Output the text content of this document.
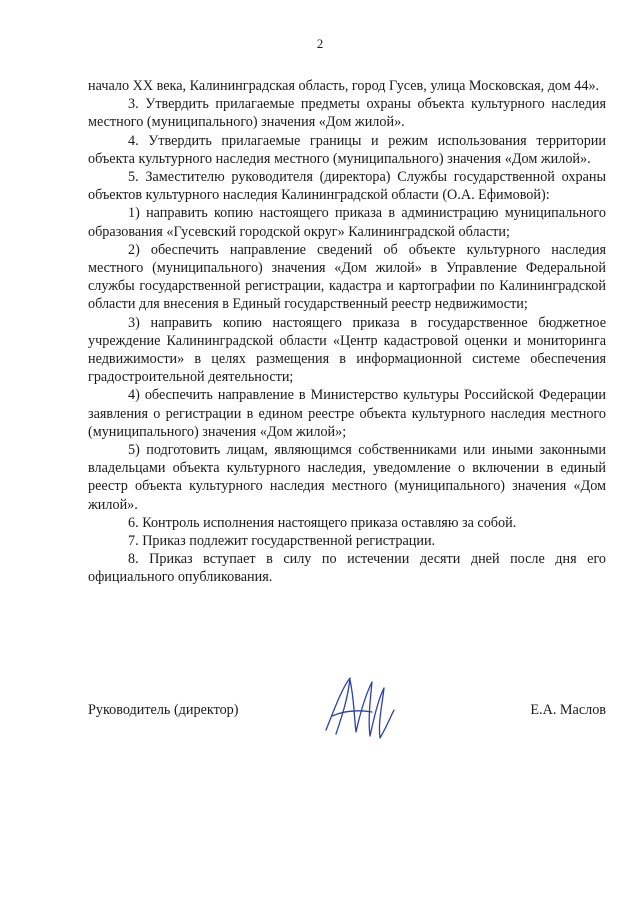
2

начало ХХ века, Калининградская область, город Гусев, улица Московская, дом 44».

3. Утвердить прилагаемые предметы охраны объекта культурного наследия местного (муниципального) значения «Дом жилой».

4. Утвердить прилагаемые границы и режим использования территории объекта культурного наследия местного (муниципального) значения «Дом жилой».

5. Заместителю руководителя (директора) Службы государственной охраны объектов культурного наследия Калининградской области (О.А. Ефимовой):

1) направить копию настоящего приказа в администрацию муниципального образования «Гусевский городской округ» Калининградской области;

2) обеспечить направление сведений об объекте культурного наследия местного (муниципального) значения «Дом жилой» в Управление Федеральной службы государственной регистрации, кадастра и картографии по Калининградской области для внесения в Единый государственный реестр недвижимости;

3) направить копию настоящего приказа в государственное бюджетное учреждение Калининградской области «Центр кадастровой оценки и мониторинга недвижимости» в целях размещения в информационной системе обеспечения градостроительной деятельности;

4) обеспечить направление в Министерство культуры Российской Федерации заявления о регистрации в едином реестре объекта культурного наследия местного (муниципального) значения «Дом жилой»;

5) подготовить лицам, являющимся собственниками или иными законными владельцами объекта культурного наследия, уведомление о включении в единый реестр объекта культурного наследия местного (муниципального) значения «Дом жилой».

6. Контроль исполнения настоящего приказа оставляю за собой.

7. Приказ подлежит государственной регистрации.

8. Приказ вступает в силу по истечении десяти дней после дня его официального опубликования.

Руководитель (директор)	Е.А. Маслов
